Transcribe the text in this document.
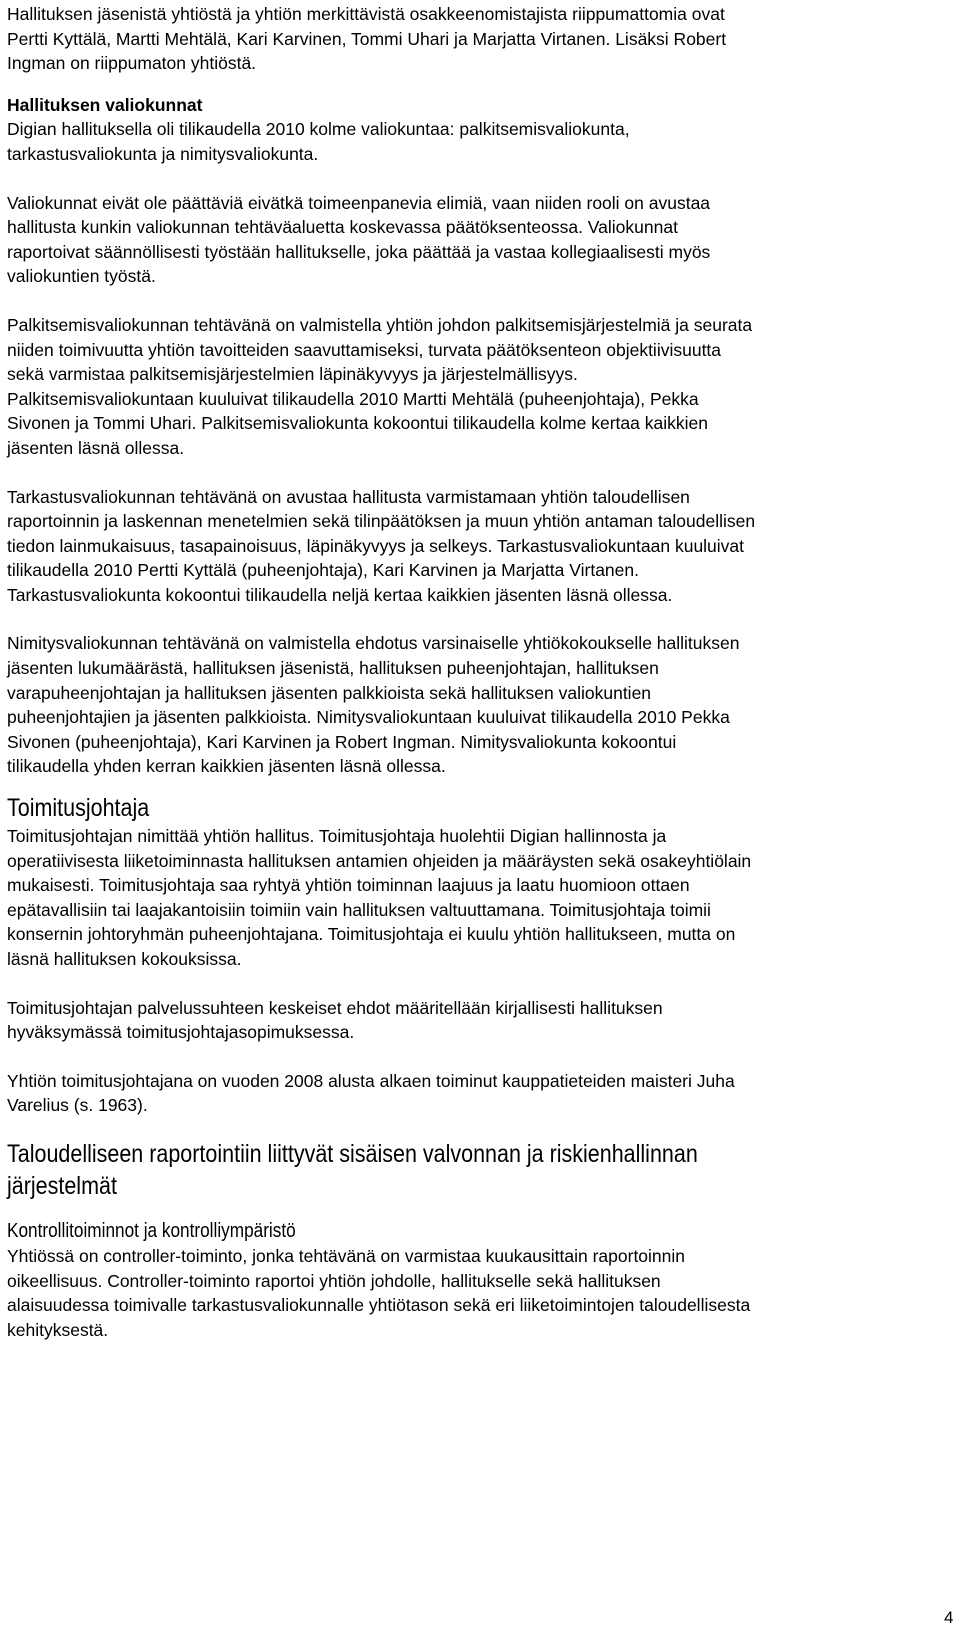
Hallituksen jäsenistä yhtiöstä ja yhtiön merkittävistä osakkeenomistajista riippumattomia ovat

Pertti Kyttälä, Martti Mehtälä, Kari Karvinen, Tommi Uhari ja Marjatta Virtanen. Lisäksi Robert

Ingman on riippumaton yhtiöstä.

Hallituksen valiokunnat

Digian hallituksella oli tilikaudella 2010 kolme valiokuntaa: palkitsemisvaliokunta,

tarkastusvaliokunta ja nimitysvaliokunta.

Valiokunnat eivät ole päättäviä eivätkä toimeenpanevia elimiä, vaan niiden rooli on avustaa

hallitusta kunkin valiokunnan tehtäväaluetta koskevassa päätöksenteossa. Valiokunnat

raportoivat säännöllisesti työstään hallitukselle, joka päättää ja vastaa kollegiaalisesti myös

valiokuntien työstä.

Palkitsemisvaliokunnan tehtävänä on valmistella yhtiön johdon palkitsemisjärjestelmiä ja seurata

niiden toimivuutta yhtiön tavoitteiden saavuttamiseksi, turvata päätöksenteon objektiivisuutta

sekä varmistaa palkitsemisjärjestelmien läpinäkyvyys ja järjestelmällisyys.

Palkitsemisvaliokuntaan kuuluivat tilikaudella 2010 Martti Mehtälä (puheenjohtaja), Pekka

Sivonen ja Tommi Uhari. Palkitsemisvaliokunta kokoontui tilikaudella kolme kertaa kaikkien

jäsenten läsnä ollessa.

Tarkastusvaliokunnan tehtävänä on avustaa hallitusta varmistamaan yhtiön taloudellisen

raportoinnin ja laskennan menetelmien sekä tilinpäätöksen ja muun yhtiön antaman taloudellisen

tiedon lainmukaisuus, tasapainoisuus, läpinäkyvyys ja selkeys. Tarkastusvaliokuntaan kuuluivat

tilikaudella 2010 Pertti Kyttälä (puheenjohtaja), Kari Karvinen ja Marjatta Virtanen.

Tarkastusvaliokunta kokoontui tilikaudella neljä kertaa kaikkien jäsenten läsnä ollessa.

Nimitysvaliokunnan tehtävänä on valmistella ehdotus varsinaiselle yhtiökokoukselle hallituksen

jäsenten lukumäärästä, hallituksen jäsenistä, hallituksen puheenjohtajan, hallituksen

varapuheenjohtajan ja hallituksen jäsenten palkkioista sekä hallituksen valiokuntien

puheenjohtajien ja jäsenten palkkioista. Nimitysvaliokuntaan kuuluivat tilikaudella 2010 Pekka

Sivonen (puheenjohtaja), Kari Karvinen ja Robert Ingman. Nimitysvaliokunta kokoontui

tilikaudella yhden kerran kaikkien jäsenten läsnä ollessa.

Toimitusjohtaja

Toimitusjohtajan nimittää yhtiön hallitus. Toimitusjohtaja huolehtii Digian hallinnosta ja

operatiivisesta liiketoiminnasta hallituksen antamien ohjeiden ja määräysten sekä osakeyhtiölain

mukaisesti. Toimitusjohtaja saa ryhtyä yhtiön toiminnan laajuus ja laatu huomioon ottaen

epätavallisiin tai laajakantoisiin toimiin vain hallituksen valtuuttamana. Toimitusjohtaja toimii

konsernin johtoryhmän puheenjohtajana. Toimitusjohtaja ei kuulu yhtiön hallitukseen, mutta on

läsnä hallituksen kokouksissa.

Toimitusjohtajan palvelussuhteen keskeiset ehdot määritellään kirjallisesti hallituksen

hyväksymässä toimitusjohtajasopimuksessa.

Yhtiön toimitusjohtajana on vuoden 2008 alusta alkaen toiminut kauppatieteiden maisteri Juha

Varelius (s. 1963).

Taloudelliseen raportointiin liittyvät sisäisen valvonnan ja riskienhallinnan

järjestelmät

Kontrollitoiminnot ja kontrolliympäristö

Yhtiössä on controller-toiminto, jonka tehtävänä on varmistaa kuukausittain raportoinnin

oikeellisuus. Controller-toiminto raportoi yhtiön johdolle, hallitukselle sekä hallituksen

alaisuudessa toimivalle tarkastusvaliokunnalle yhtiötason sekä eri liiketoimintojen taloudellisesta

kehityksestä.

4
